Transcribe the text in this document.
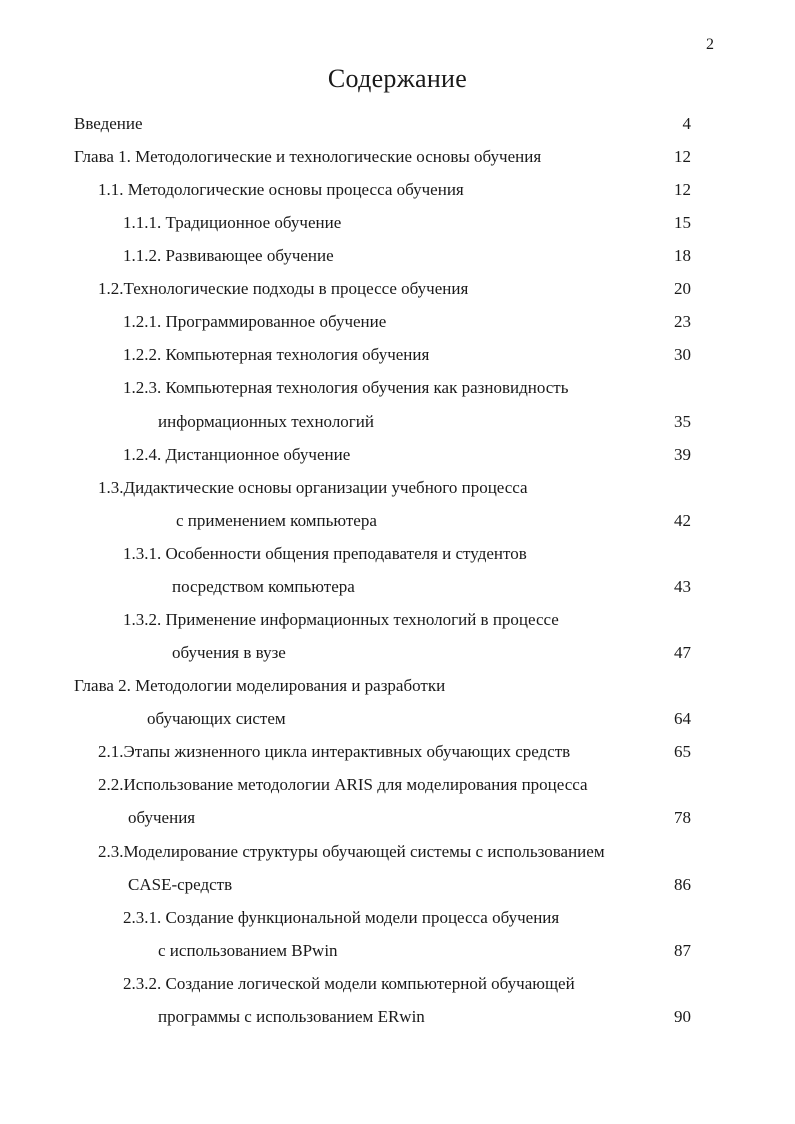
2
Содержание
Введение	4
Глава 1. Методологические и технологические основы обучения	12
1.1. Методологические основы процесса обучения	12
1.1.1. Традиционное обучение	15
1.1.2. Развивающее обучение	18
1.2.Технологические подходы в процессе обучения	20
1.2.1. Программированное обучение	23
1.2.2. Компьютерная технология обучения	30
1.2.3. Компьютерная технология обучения как разновидность
информационных технологий	35
1.2.4. Дистанционное обучение	39
1.3.Дидактические основы организации учебного процесса
с применением компьютера	42
1.3.1. Особенности общения преподавателя и студентов
посредством компьютера	43
1.3.2. Применение информационных технологий в процессе
обучения в вузе	47
Глава 2. Методологии моделирования и разработки
обучающих систем	64
2.1.Этапы жизненного цикла интерактивных обучающих средств	65
2.2.Использование методологии ARIS для моделирования процесса
обучения	78
2.3.Моделирование структуры обучающей системы с использованием
CASE-средств	86
2.3.1. Создание функциональной модели процесса обучения
с использованием BPwin	87
2.3.2. Создание логической модели компьютерной обучающей
программы с использованием ERwin	90
